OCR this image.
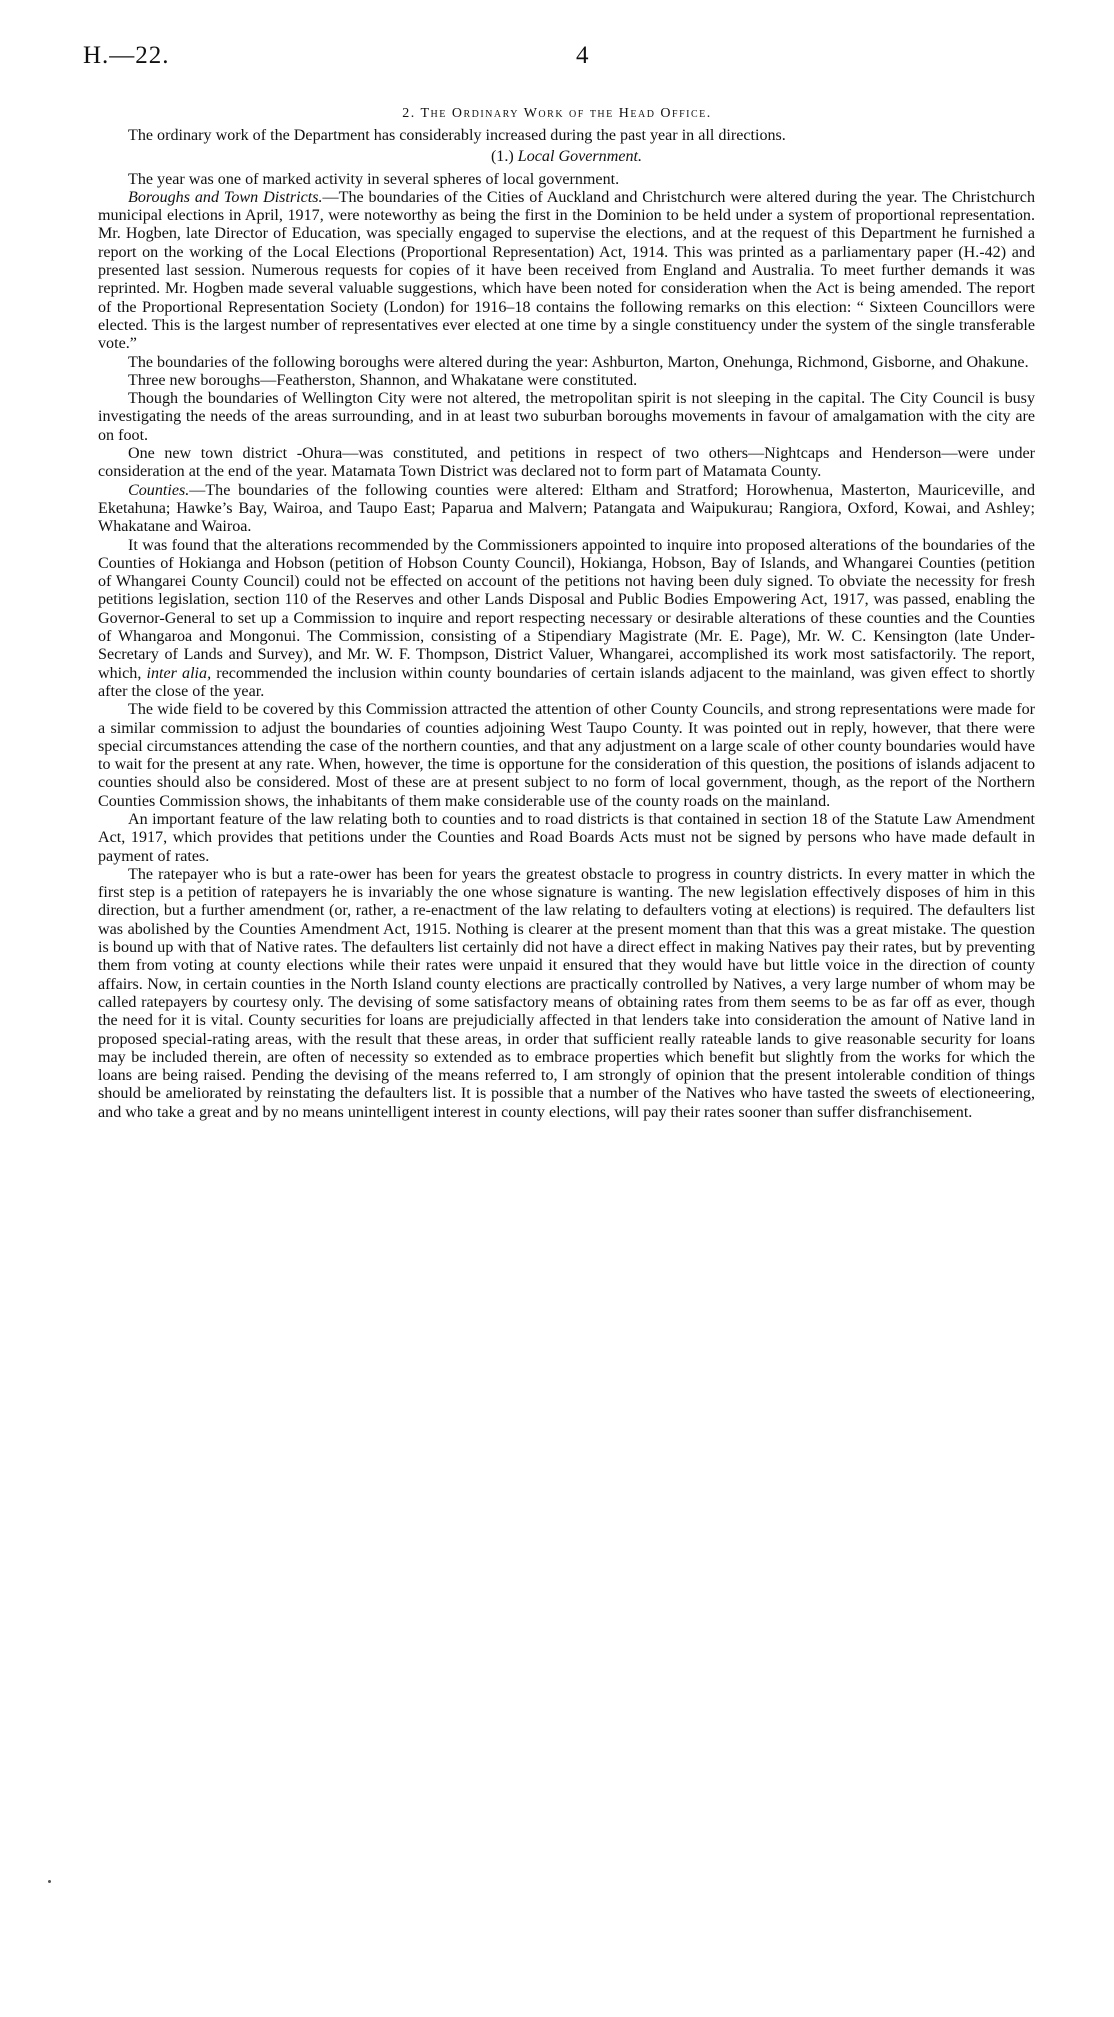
H.—22.	4
2. The Ordinary Work of the Head Office.

The ordinary work of the Department has considerably increased during the past year in all directions.

(1.) Local Government.

The year was one of marked activity in several spheres of local government.

Boroughs and Town Districts.—The boundaries of the Cities of Auckland and Christchurch were altered during the year. The Christchurch municipal elections in April, 1917, were noteworthy as being the first in the Dominion to be held under a system of proportional representation. Mr. Hogben, late Director of Education, was specially engaged to supervise the elections, and at the request of this Department he furnished a report on the working of the Local Elections (Proportional Representation) Act, 1914. This was printed as a parliamentary paper (H.-42) and presented last session. Numerous requests for copies of it have been received from England and Australia. To meet further demands it was reprinted. Mr. Hogben made several valuable suggestions, which have been noted for consideration when the Act is being amended. The report of the Proportional Representation Society (London) for 1916–18 contains the following remarks on this election: “ Sixteen Councillors were elected. This is the largest number of representatives ever elected at one time by a single constituency under the system of the single transferable vote.”

The boundaries of the following boroughs were altered during the year: Ashburton, Marton, Onehunga, Richmond, Gisborne, and Ohakune.

Three new boroughs—Featherston, Shannon, and Whakatane were constituted.

Though the boundaries of Wellington City were not altered, the metropolitan spirit is not sleeping in the capital. The City Council is busy investigating the needs of the areas surrounding, and in at least two suburban boroughs movements in favour of amalgamation with the city are on foot.

One new town district -Ohura—was constituted, and petitions in respect of two others—Nightcaps and Henderson—were under consideration at the end of the year. Matamata Town District was declared not to form part of Matamata County.

Counties.—The boundaries of the following counties were altered: Eltham and Stratford; Horowhenua, Masterton, Mauriceville, and Eketahuna; Hawke’s Bay, Wairoa, and Taupo East; Paparua and Malvern; Patangata and Waipukurau; Rangiora, Oxford, Kowai, and Ashley; Whakatane and Wairoa.

It was found that the alterations recommended by the Commissioners appointed to inquire into proposed alterations of the boundaries of the Counties of Hokianga and Hobson (petition of Hobson County Council), Hokianga, Hobson, Bay of Islands, and Whangarei Counties (petition of Whangarei County Council) could not be effected on account of the petitions not having been duly signed. To obviate the necessity for fresh petitions legislation, section 110 of the Reserves and other Lands Disposal and Public Bodies Empowering Act, 1917, was passed, enabling the Governor-General to set up a Commission to inquire and report respecting necessary or desirable alterations of these counties and the Counties of Whangaroa and Mongonui. The Commission, consisting of a Stipendiary Magistrate (Mr. E. Page), Mr. W. C. Kensington (late Under-Secretary of Lands and Survey), and Mr. W. F. Thompson, District Valuer, Whangarei, accomplished its work most satisfactorily. The report, which, inter alia, recommended the inclusion within county boundaries of certain islands adjacent to the mainland, was given effect to shortly after the close of the year.

The wide field to be covered by this Commission attracted the attention of other County Councils, and strong representations were made for a similar commission to adjust the boundaries of counties adjoining West Taupo County. It was pointed out in reply, however, that there were special circumstances attending the case of the northern counties, and that any adjustment on a large scale of other county boundaries would have to wait for the present at any rate. When, however, the time is opportune for the consideration of this question, the positions of islands adjacent to counties should also be considered. Most of these are at present subject to no form of local government, though, as the report of the Northern Counties Commission shows, the inhabitants of them make considerable use of the county roads on the mainland.

An important feature of the law relating both to counties and to road districts is that contained in section 18 of the Statute Law Amendment Act, 1917, which provides that petitions under the Counties and Road Boards Acts must not be signed by persons who have made default in payment of rates.

The ratepayer who is but a rate-ower has been for years the greatest obstacle to progress in country districts. In every matter in which the first step is a petition of ratepayers he is invariably the one whose signature is wanting. The new legislation effectively disposes of him in this direction, but a further amendment (or, rather, a re-enactment of the law relating to defaulters voting at elections) is required. The defaulters list was abolished by the Counties Amendment Act, 1915. Nothing is clearer at the present moment than that this was a great mistake. The question is bound up with that of Native rates. The defaulters list certainly did not have a direct effect in making Natives pay their rates, but by preventing them from voting at county elections while their rates were unpaid it ensured that they would have but little voice in the direction of county affairs. Now, in certain counties in the North Island county elections are practically controlled by Natives, a very large number of whom may be called ratepayers by courtesy only. The devising of some satisfactory means of obtaining rates from them seems to be as far off as ever, though the need for it is vital. County securities for loans are prejudicially affected in that lenders take into consideration the amount of Native land in proposed special-rating areas, with the result that these areas, in order that sufficient really rateable lands to give reasonable security for loans may be included therein, are often of necessity so extended as to embrace properties which benefit but slightly from the works for which the loans are being raised. Pending the devising of the means referred to, I am strongly of opinion that the present intolerable condition of things should be ameliorated by reinstating the defaulters list. It is possible that a number of the Natives who have tasted the sweets of electioneering, and who take a great and by no means unintelligent interest in county elections, will pay their rates sooner than suffer disfranchisement.
